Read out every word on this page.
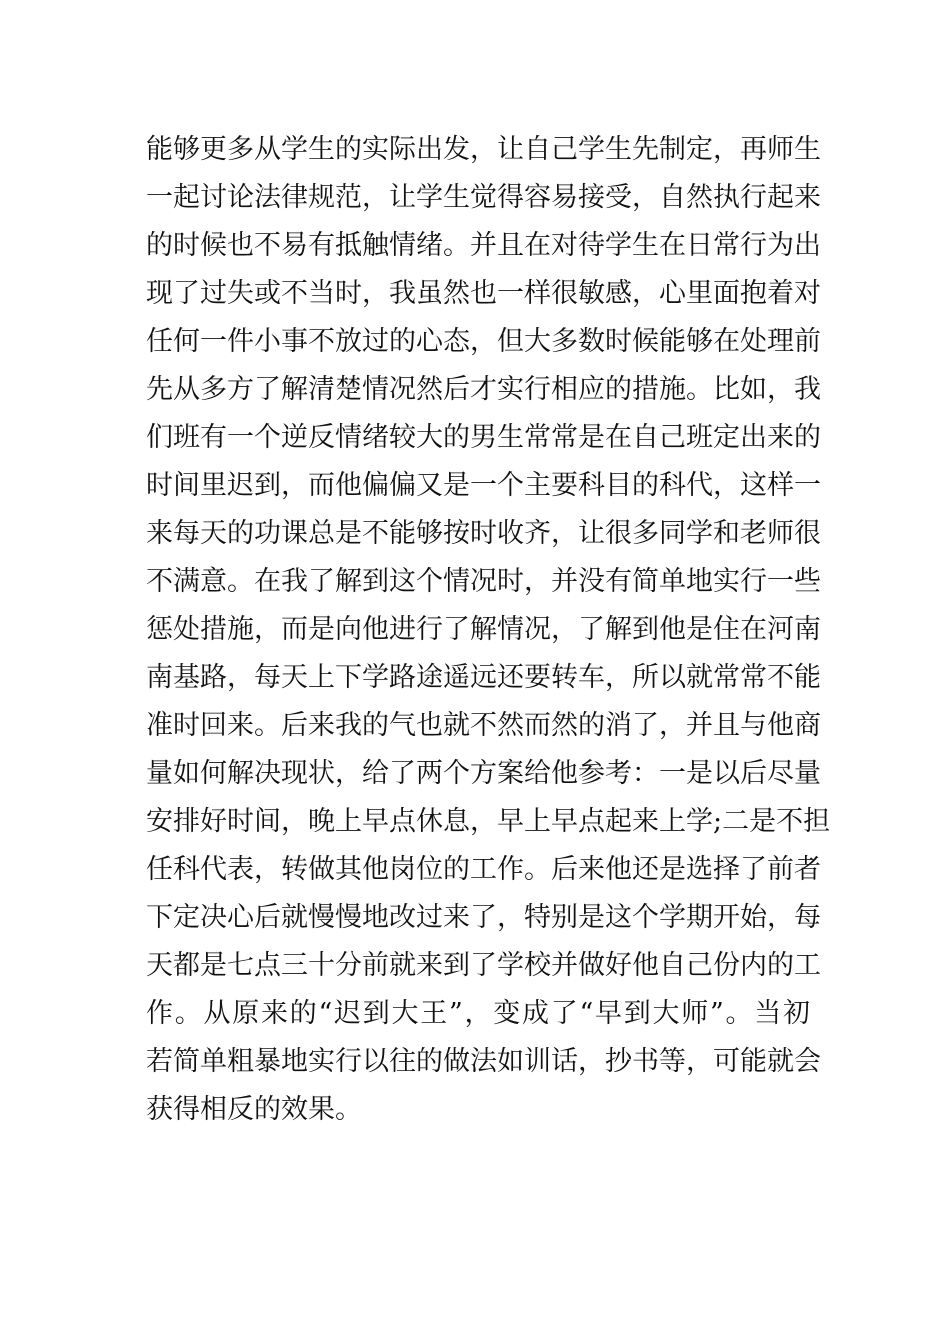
能够更多从学生的实际出发，让自己学生先制定，再师生
一起讨论法律规范，让学生觉得容易接受，自然执行起来
的时候也不易有抵触情绪。并且在对待学生在日常行为出
现了过失或不当时，我虽然也一样很敏感，心里面抱着对
任何一件小事不放过的心态，但大多数时候能够在处理前
先从多方了解清楚情况然后才实行相应的措施。比如，我
们班有一个逆反情绪较大的男生常常是在自己班定出来的
时间里迟到，而他偏偏又是一个主要科目的科代，这样一
来每天的功课总是不能够按时收齐，让很多同学和老师很
不满意。在我了解到这个情况时，并没有简单地实行一些
惩处措施，而是向他进行了解情况，了解到他是住在河南
南基路，每天上下学路途遥远还要转车，所以就常常不能
准时回来。后来我的气也就不然而然的消了，并且与他商
量如何解决现状，给了两个方案给他参考：一是以后尽量
安排好时间，晚上早点休息，早上早点起来上学;二是不担
任科代表，转做其他岗位的工作。后来他还是选择了前者
下定决心后就慢慢地改过来了，特别是这个学期开始，每
天都是七点三十分前就来到了学校并做好他自己份内的工
作。从原来的“迟到大王”，变成了“早到大师”。当初
若简单粗暴地实行以往的做法如训话，抄书等，可能就会
获得相反的效果。
